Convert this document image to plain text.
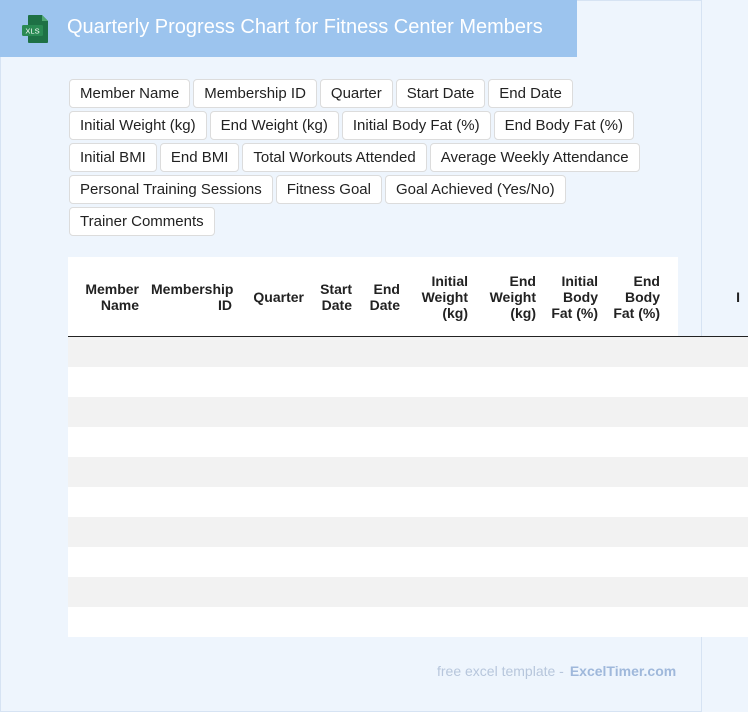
XLS Quarterly Progress Chart for Fitness Center Members
Member Name	Membership ID	Quarter	Start Date	End Date
Initial Weight (kg)	End Weight (kg)	Initial Body Fat (%)	End Body Fat (%)
Initial BMI	End BMI	Total Workouts Attended	Average Weekly Attendance
Personal Training Sessions	Fitness Goal	Goal Achieved (Yes/No)
Trainer Comments
Member Name	Membership ID	Quarter	Start Date	End Date	Initial Weight (kg)	End Weight (kg)	Initial Body Fat (%)	End Body Fat (%)	I

free excel template - ExcelTimer.com
